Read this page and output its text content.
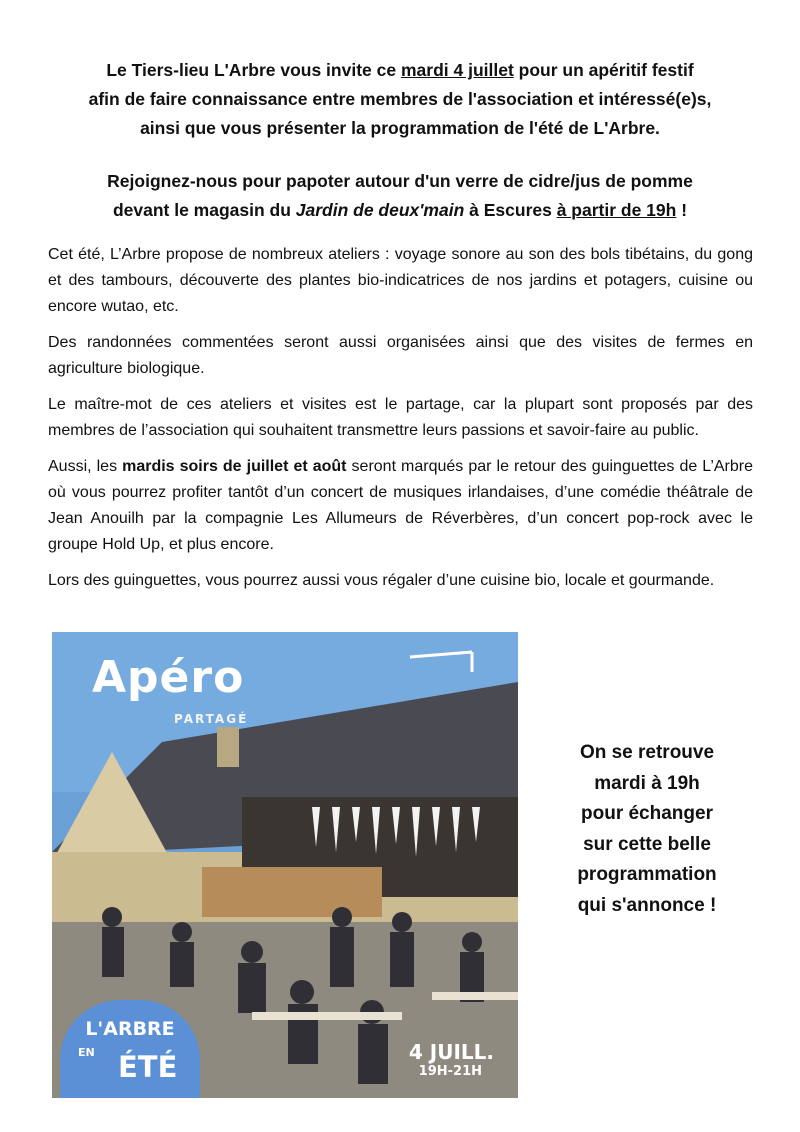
Le Tiers-lieu L'Arbre vous invite ce mardi 4 juillet pour un apéritif festif

afin de faire connaissance entre membres de l'association et intéressé(e)s,

ainsi que vous présenter la programmation de l'été de L'Arbre.

Rejoignez-nous pour papoter autour d'un verre de cidre/jus de pomme

devant le magasin du Jardin de deux'main à Escures à partir de 19h !

Cet été, L’Arbre propose de nombreux ateliers : voyage sonore au son des bols tibétains, du gong et des tambours, découverte des plantes bio-indicatrices de nos jardins et potagers, cuisine ou encore wutao, etc.

Des randonnées commentées seront aussi organisées ainsi que des visites de fermes en agriculture biologique.

Le maître-mot de ces ateliers et visites est le partage, car la plupart sont proposés par des membres de l’association qui souhaitent transmettre leurs passions et savoir-faire au public.

Aussi, les mardis soirs de juillet et août seront marqués par le retour des guinguettes de L’Arbre où vous pourrez profiter tantôt d’un concert de musiques irlandaises, d’une comédie théâtrale de Jean Anouilh par la compagnie Les Allumeurs de Réverbères, d’un concert pop-rock avec le groupe Hold Up, et plus encore.

Lors des guinguettes, vous pourrez aussi vous régaler d’une cuisine bio, locale et gourmande.

Apéro
PARTAGÉ
L'ARBRE
EN ÉTÉ	4 JUILL.
19H-21H

On se retrouve

mardi à 19h

pour échanger

sur cette belle

programmation

qui s'annonce !
